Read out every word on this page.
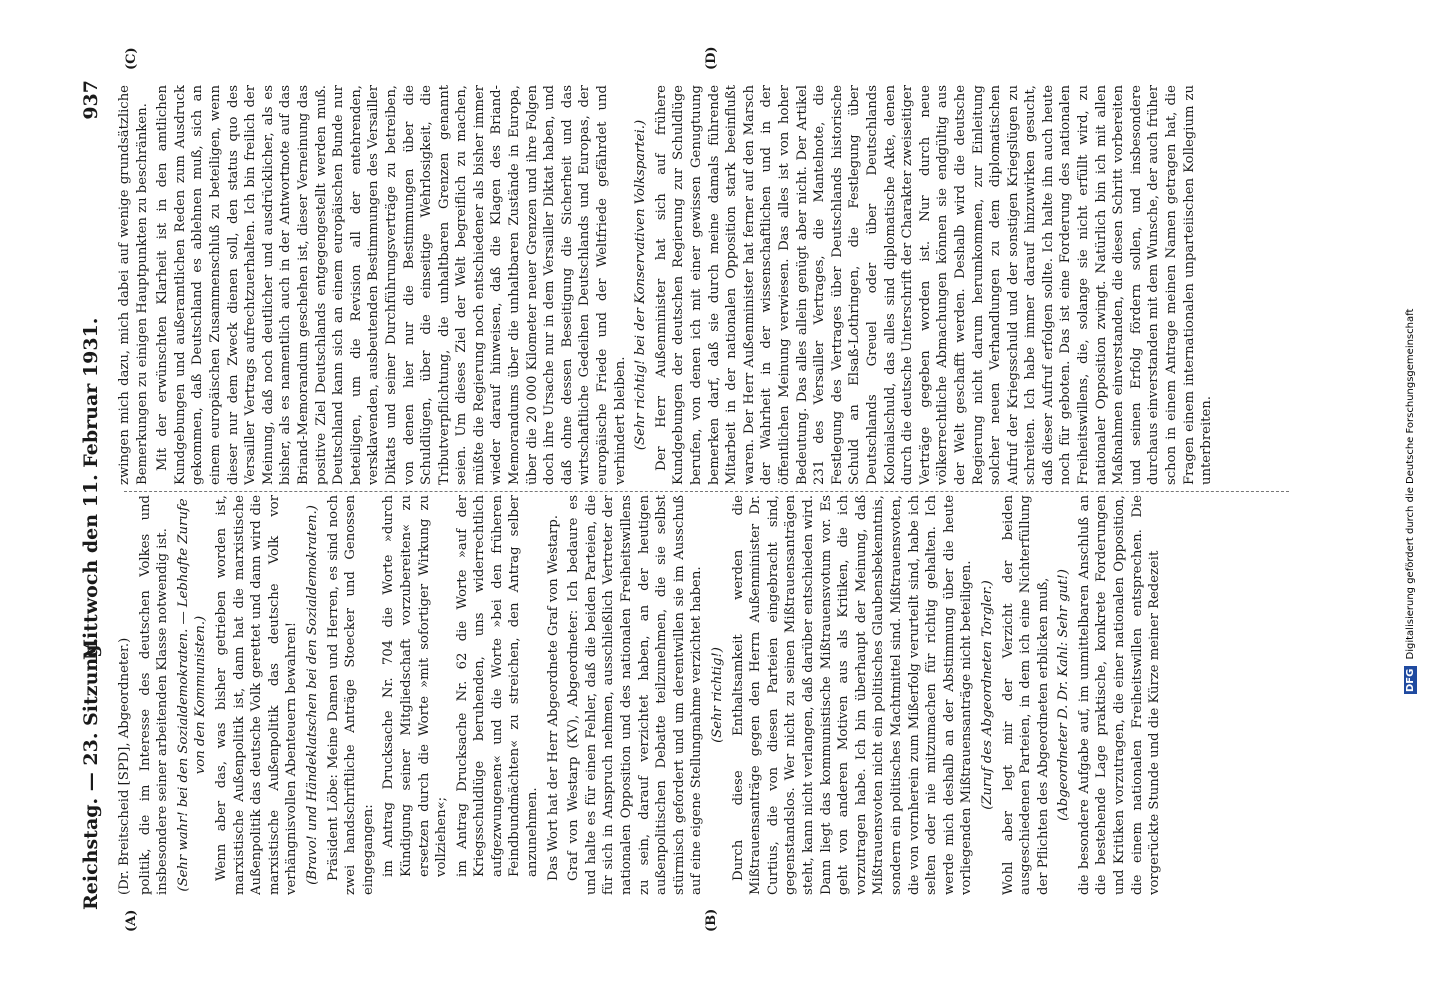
Reichstag. — 23. Sitzung.
Mittwoch den 11. Februar 1931.
937
(A)	(B)
(C)	(D)

(Dr. Breitscheid [SPD], Abgeordneter.) politik, die im Interesse des deutschen Volkes und insbesondere seiner arbeitenden Klasse notwendig ist. (Sehr wahr! bei den Sozialdemokraten. — Lebhafte Zurufe von den Kommunisten.) Wenn aber das, was bisher getrieben worden ist, marxistische Außenpolitik ist, dann hat die marxistische Außenpolitik das deutsche Volk gerettet und dann wird die marxistische Außenpolitik das deutsche Volk vor verhängnisvollen Abenteuern bewahren! (Bravo! und Händeklatschen bei den Sozialdemokraten.) Präsident Löbe: Meine Damen und Herren, es sind noch zwei handschriftliche Anträge Stoecker und Genossen eingegangen: im Antrag Drucksache Nr. 704 die Worte »durch Kündigung seiner Mitgliedschaft vorzubereiten« zu ersetzen durch die Worte »mit sofortiger Wirkung zu vollziehen«; im Antrag Drucksache Nr. 62 die Worte »auf der Kriegsschuldlüge beruhenden, uns widerrechtlich aufgezwungenen« und die Worte »bei den früheren Feindbundmächten« zu streichen, den Antrag selber anzunehmen. Das Wort hat der Herr Abgeordnete Graf von Westarp. Graf von Westarp (KV), Abgeordneter: Ich bedaure es und halte es für einen Fehler, daß die beiden Parteien, die für sich in Anspruch nehmen, ausschließlich Vertreter der nationalen Opposition und des nationalen Freiheitswillens zu sein, darauf verzichtet haben, an der heutigen außenpolitischen Debatte teilzunehmen, die sie selbst stürmisch gefordert und um derentwillen sie im Ausschuß auf eine eigene Stellungnahme verzichtet haben. (Sehr richtig!) Durch diese Enthaltsamkeit werden die Mißtrauensanträge gegen den Herrn Außenminister Dr. Curtius, die von diesen Parteien eingebracht sind, gegenstandslos. Wer nicht zu seinen Mißtrauensanträgen steht, kann nicht verlangen, daß darüber entschieden wird. Dann liegt das kommunistische Mißtrauensvotum vor. Es geht von anderen Motiven aus als Kritiken, die ich vorzutragen habe. Ich bin überhaupt der Meinung, daß Mißtrauensvoten nicht ein politisches Glaubensbekenntnis, sondern ein politisches Machtmittel sind. Mißtrauensvoten, die von vornherein zum Mißerfolg verurteilt sind, habe ich selten oder nie mitzumachen für richtig gehalten. Ich werde mich deshalb an der Abstimmung über die heute vorliegenden Mißtrauensanträge nicht beteiligen. (Zuruf des Abgeordneten Torgler.) Wohl aber legt mir der Verzicht der beiden ausgeschiedenen Parteien, in dem ich eine Nichterfüllung der Pflichten des Abgeordneten erblicken muß, (Abgeordneter D. Dr. Kahl: Sehr gut!) die besondere Aufgabe auf, im unmittelbaren Anschluß an die bestehende Lage praktische, konkrete Forderungen und Kritiken vorzutragen, die einer nationalen Opposition, die einem nationalen Freiheitswillen entsprechen. Die vorgerückte Stunde und die Kürze meiner Redezeit

zwingen mich dazu, mich dabei auf wenige grundsätzliche Bemerkungen zu einigen Hauptpunkten zu beschränken. Mit der erwünschten Klarheit ist in den amtlichen Kundgebungen und außeramtlichen Reden zum Ausdruck gekommen, daß Deutschland es ablehnen muß, sich an einem europäischen Zusammenschluß zu beteiligen, wenn dieser nur dem Zweck dienen soll, den status quo des Versailler Vertrags aufrechtzuerhalten. Ich bin freilich der Meinung, daß noch deutlicher und ausdrücklicher, als es bisher, als es namentlich auch in der Antwortnote auf das Briand-Memorandum geschehen ist, dieser Verneinung das positive Ziel Deutschlands entgegengestellt werden muß. Deutschland kann sich an einem europäischen Bunde nur beteiligen, um die Revision all der entehrenden, versklavenden, ausbeutenden Bestimmungen des Versailler Diktats und seiner Durchführungsverträge zu betreiben, von denen hier nur die Bestimmungen über die Schuldlügen, über die einseitige Wehrlosigkeit, die Tributverpflichtung, die unhaltbaren Grenzen genannt seien. Um dieses Ziel der Welt begreiflich zu machen, müßte die Regierung noch entschiedener als bisher immer wieder darauf hinweisen, daß die Klagen des Briand-Memorandums über die unhaltbaren Zustände in Europa, über die 20 000 Kilometer neuer Grenzen und ihre Folgen doch ihre Ursache nur in dem Versailler Diktat haben, und daß ohne dessen Beseitigung die Sicherheit und das wirtschaftliche Gedeihen Deutschlands und Europas, der europäische Friede und der Weltfriede gefährdet und verhindert bleiben. (Sehr richtig! bei der Konservativen Volkspartei.) Der Herr Außenminister hat sich auf frühere Kundgebungen der deutschen Regierung zur Schuldlüge berufen, von denen ich mit einer gewissen Genugtuung bemerken darf, daß sie durch meine damals führende Mitarbeit in der nationalen Opposition stark beeinflußt waren. Der Herr Außenminister hat ferner auf den Marsch der Wahrheit in der wissenschaftlichen und in der öffentlichen Meinung verwiesen. Das alles ist von hoher Bedeutung. Das alles allein genügt aber nicht. Der Artikel 231 des Versailler Vertrages, die Mantelnote, die Festlegung des Vertrages über Deutschlands historische Schuld an Elsaß-Lothringen, die Festlegung über Deutschlands Greuel oder über Deutschlands Kolonialschuld, das alles sind diplomatische Akte, denen durch die deutsche Unterschrift der Charakter zweiseitiger Verträge gegeben worden ist. Nur durch neue völkerrechtliche Abmachungen können sie endgültig aus der Welt geschafft werden. Deshalb wird die deutsche Regierung nicht darum herumkommen, zur Einleitung solcher neuen Verhandlungen zu dem diplomatischen Aufruf der Kriegsschuld und der sonstigen Kriegslügen zu schreiten. Ich habe immer darauf hinzuwirken gesucht, daß dieser Aufruf erfolgen sollte. Ich halte ihn auch heute noch für geboten. Das ist eine Forderung des nationalen Freiheitswillens, die, solange sie nicht erfüllt wird, zu nationaler Opposition zwingt. Natürlich bin ich mit allen Maßnahmen einverstanden, die diesen Schritt vorbereiten und seinen Erfolg fördern sollen, und insbesondere durchaus einverstanden mit dem Wunsche, der auch früher schon in einem Antrage meinen Namen getragen hat, die Fragen einem internationalen unparteiischen Kollegium zu unterbreiten.

DFG Digitalisierung gefördert durch die Deutsche Forschungsgemeinschaft
